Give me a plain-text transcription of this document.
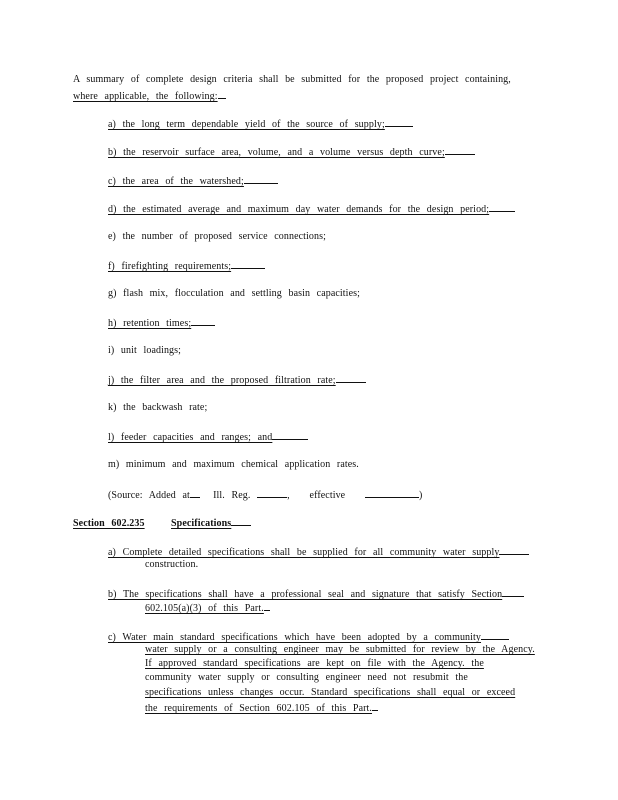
A summary of complete design criteria shall be submitted for the proposed project containing,
where applicable, the following:
a) the long term dependable yield of the source of supply;
b) the reservoir surface area, volume, and a volume versus depth curve;
c) the area of the watershed;
d) the estimated average and maximum day water demands for the design period;
e) the number of proposed service connections;
f) firefighting requirements;
g) flash mix, flocculation and settling basin capacities;
h) retention times;
i) unit loadings;
j) the filter area and the proposed filtration rate;
k) the backwash rate;
l) feeder capacities and ranges; and
m) minimum and maximum chemical application rates.
(Source: Added at Ill. Reg.	,   effective	)
Section 602.235	Specifications
a) Complete detailed specifications shall be supplied for all community water supply
construction.
b) The specifications shall have a professional seal and signature that satisfy Section
602.105(a)(3) of this Part.
c) Water main standard specifications which have been adopted by a community
water supply or a consulting engineer may be submitted for review by the Agency.
If approved standard specifications are kept on file with the Agency. the
community water supply or consulting engineer need not resubmit the
specifications unless changes occur. Standard specifications shall equal or exceed
the requirements of Section 602.105 of this Part.
